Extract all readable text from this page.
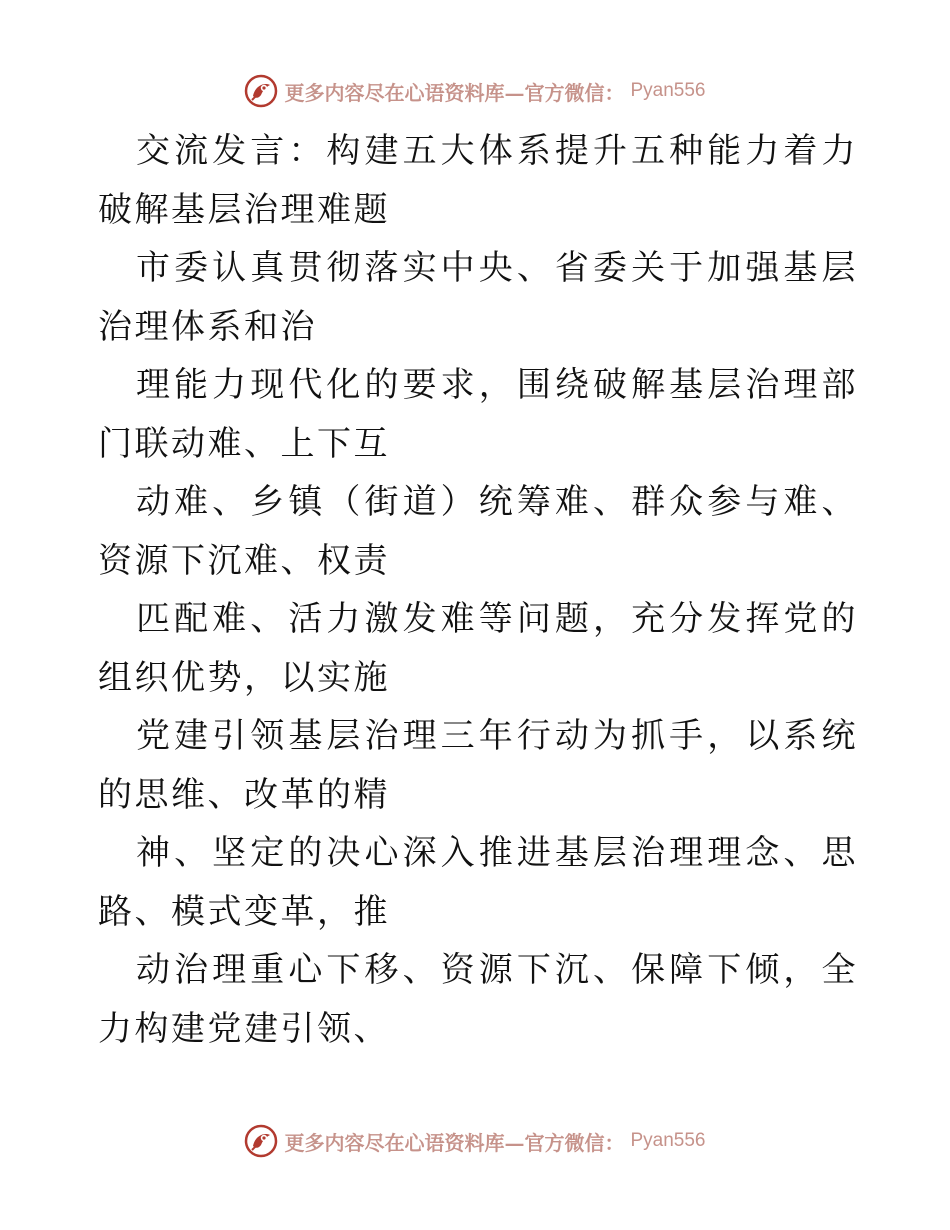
更多内容尽在心语资料库—官方微信： Pyan556

交流发言：构建五大体系提升五种能力着力破解基层治理难题

市委认真贯彻落实中央、省委关于加强基层治理体系和治

理能力现代化的要求，围绕破解基层治理部门联动难、上下互

动难、乡镇（街道）统筹难、群众参与难、资源下沉难、权责

匹配难、活力激发难等问题，充分发挥党的组织优势，以实施

党建引领基层治理三年行动为抓手，以系统的思维、改革的精

神、坚定的决心深入推进基层治理理念、思路、模式变革，推

动治理重心下移、资源下沉、保障下倾，全力构建党建引领、

更多内容尽在心语资料库—官方微信： Pyan556
